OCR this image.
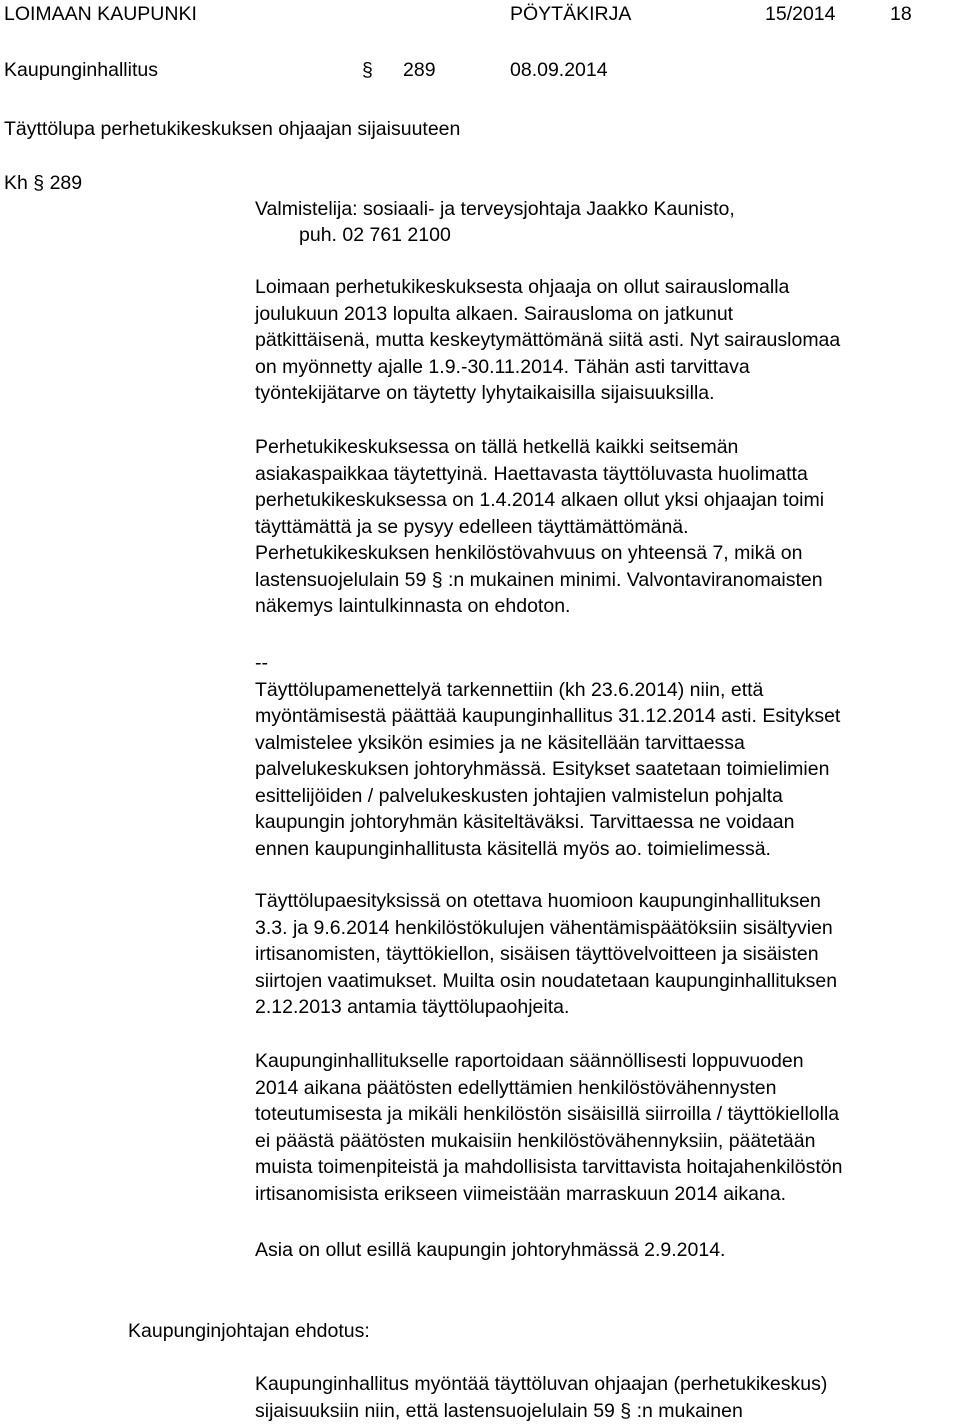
LOIMAAN KAUPUNKI	PÖYTÄKIRJA	15/2014	18
Kaupunginhallitus	§ 289	08.09.2014
Täyttölupa perhetukikeskuksen ohjaajan sijaisuuteen
Kh § 289
Valmistelija: sosiaali- ja terveysjohtaja Jaakko Kaunisto,
puh. 02 761 2100

Loimaan perhetukikeskuksesta ohjaaja on ollut sairauslomalla
joulukuun 2013 lopulta alkaen. Sairausloma on jatkunut
pätkittäisenä, mutta keskeytymättömänä siitä asti. Nyt sairauslomaa
on myönnetty ajalle 1.9.-30.11.2014. Tähän asti tarvittava
työntekijätarve on täytetty lyhytaikaisilla sijaisuuksilla.

Perhetukikeskuksessa on tällä hetkellä kaikki seitsemän
asiakaspaikkaa täytettyinä. Haettavasta täyttöluvasta huolimatta
perhetukikeskuksessa on 1.4.2014 alkaen ollut yksi ohjaajan toimi
täyttämättä ja se pysyy edelleen täyttämättömänä.
Perhetukikeskuksen henkilöstövahvuus on yhteensä 7, mikä on
lastensuojelulain 59 § :n mukainen minimi. Valvontaviranomaisten
näkemys laintulkinnasta on ehdoton.

--
Täyttölupamenettelyä tarkennettiin (kh 23.6.2014) niin, että
myöntämisestä päättää kaupunginhallitus 31.12.2014 asti. Esitykset
valmistelee yksikön esimies ja ne käsitellään tarvittaessa
palvelukeskuksen johtoryhmässä. Esitykset saatetaan toimielimien
esittelijöiden / palvelukeskusten johtajien valmistelun pohjalta
kaupungin johtoryhmän käsiteltäväksi. Tarvittaessa ne voidaan
ennen kaupunginhallitusta käsitellä myös ao. toimielimessä.

Täyttölupaesityksissä on otettava huomioon kaupunginhallituksen
3.3. ja 9.6.2014 henkilöstökulujen vähentämispäätöksiin sisältyvien
irtisanomisten, täyttökiellon, sisäisen täyttövelvoitteen ja sisäisten
siirtojen vaatimukset. Muilta osin noudatetaan kaupunginhallituksen
2.12.2013 antamia täyttölupaohjeita.

Kaupunginhallitukselle raportoidaan säännöllisesti loppuvuoden
2014 aikana päätösten edellyttämien henkilöstövähennysten
toteutumisesta ja mikäli henkilöstön sisäisillä siirroilla / täyttökiellolla
ei päästä päätösten mukaisiin henkilöstövähennyksiin, päätetään
muista toimenpiteistä ja mahdollisista tarvittavista hoitajahenkilöstön
irtisanomisista erikseen viimeistään marraskuun 2014 aikana.

Asia on ollut esillä kaupungin johtoryhmässä 2.9.2014.

Kaupunginjohtajan ehdotus:

Kaupunginhallitus myöntää täyttöluvan ohjaajan (perhetukikeskus)
sijaisuuksiin niin, että lastensuojelulain 59 § :n mukainen
